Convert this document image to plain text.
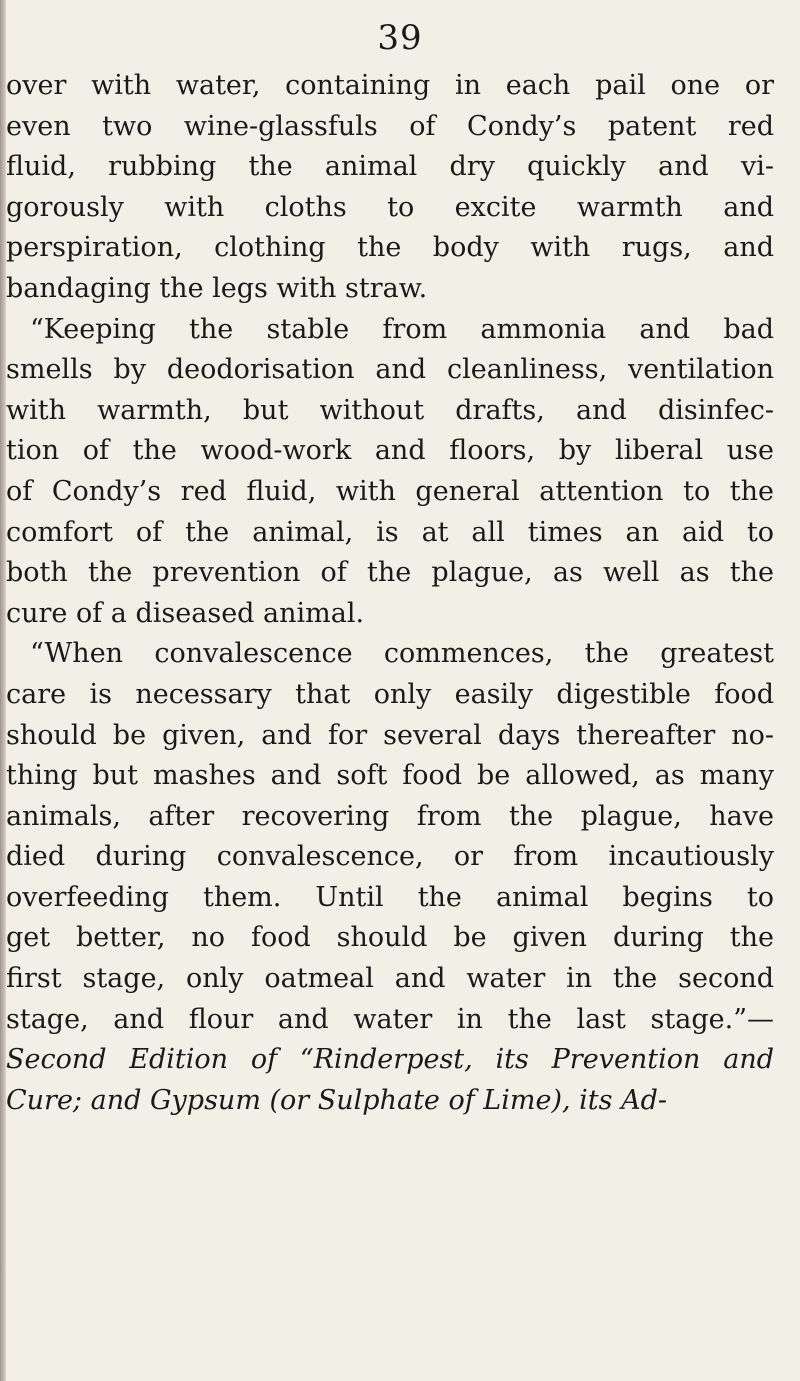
39
over with water, containing in each pail one or
even two wine-glassfuls of Condy’s patent red
fluid, rubbing the animal dry quickly and vi-
gorously with cloths to excite warmth and
perspiration, clothing the body with rugs, and
bandaging the legs with straw.
“Keeping the stable from ammonia and bad
smells by deodorisation and cleanliness, ventilation
with warmth, but without drafts, and disinfec-
tion of the wood-work and floors, by liberal use
of Condy’s red fluid, with general attention to the
comfort of the animal, is at all times an aid to
both the prevention of the plague, as well as the
cure of a diseased animal.
“When convalescence commences, the greatest
care is necessary that only easily digestible food
should be given, and for several days thereafter no-
thing but mashes and soft food be allowed, as many
animals, after recovering from the plague, have
died during convalescence, or from incautiously
overfeeding them. Until the animal begins to
get better, no food should be given during the
first stage, only oatmeal and water in the second
stage, and flour and water in the last stage.”—
Second Edition of “Rinderpest, its Prevention and
Cure; and Gypsum (or Sulphate of Lime), its Ad-
